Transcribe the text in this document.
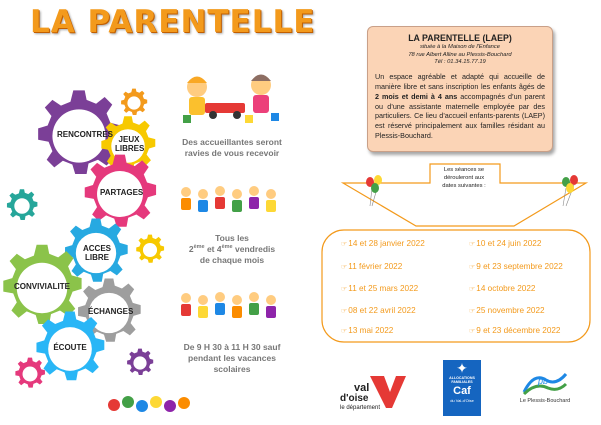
LA PARENTELLE
RENCONTRES
JEUX
LIBRES
PARTAGES
ACCES
LIBRE
CONVIVIALITE
ÉCHANGES
ÉCOUTE
Des accueillantes seront ravies de vous recevoir
Tous les
2ème et 4ème vendredis
de chaque mois
De 9 H 30 à 11 H 30 sauf pendant les vacances scolaires
LA PARENTELLE (LAEP)
située à la Maison de l'Enfance
78 rue Albert Alline au Plessis-Bouchard
Tél : 01.34.15.77.19
Un espace agréable et adapté qui accueille de manière libre et sans inscription les enfants âgés de 2 mois et demi à 4 ans accompagnés d’un parent ou d’une assistante maternelle employée par des particuliers. Ce lieu d’accueil enfants-parents (LAEP) est réservé principalement aux familles résidant au Plessis-Bouchard.
Les séances se dérouleront aux dates suivantes :
☞14 et 28 janvier 2022
☞11 février 2022
☞11 et 25 mars 2022
☞08 et 22 avril 2022
☞13 mai 2022
☞10 et 24 juin 2022
☞9 et 23 septembre 2022
☞14 octobre 2022
☞25 novembre 2022
☞9 et 23 décembre 2022
val
d'oise
le département
✦
ALLOCATIONS
FAMILIALES
Caf
du Val-d'Oise
pb
Le Plessis-Bouchard
